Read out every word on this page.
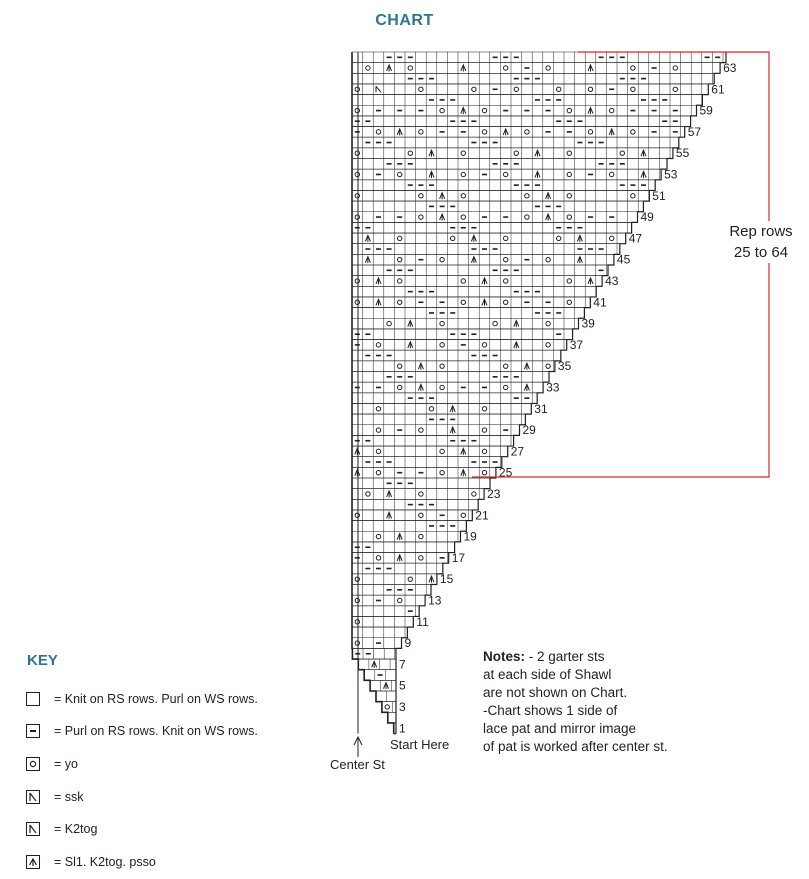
CHART
63
61
59
57
55
53
51
49
47
45
43
41
39
37
35
33
31
29
27
25
23
21
19
17
15
13
11
9
7
5
3
1
Rep rows
25 to 64
Start Here
Center St
Notes: - 2 garter sts
at each side of Shawl
are not shown on Chart.
-Chart shows 1 side of
lace pat and mirror image
of pat is worked after center st.
KEY
= Knit on RS rows. Purl on WS rows.
= Purl on RS rows. Knit on WS rows.
= yo
= ssk
= K2tog
= Sl1. K2tog. psso
